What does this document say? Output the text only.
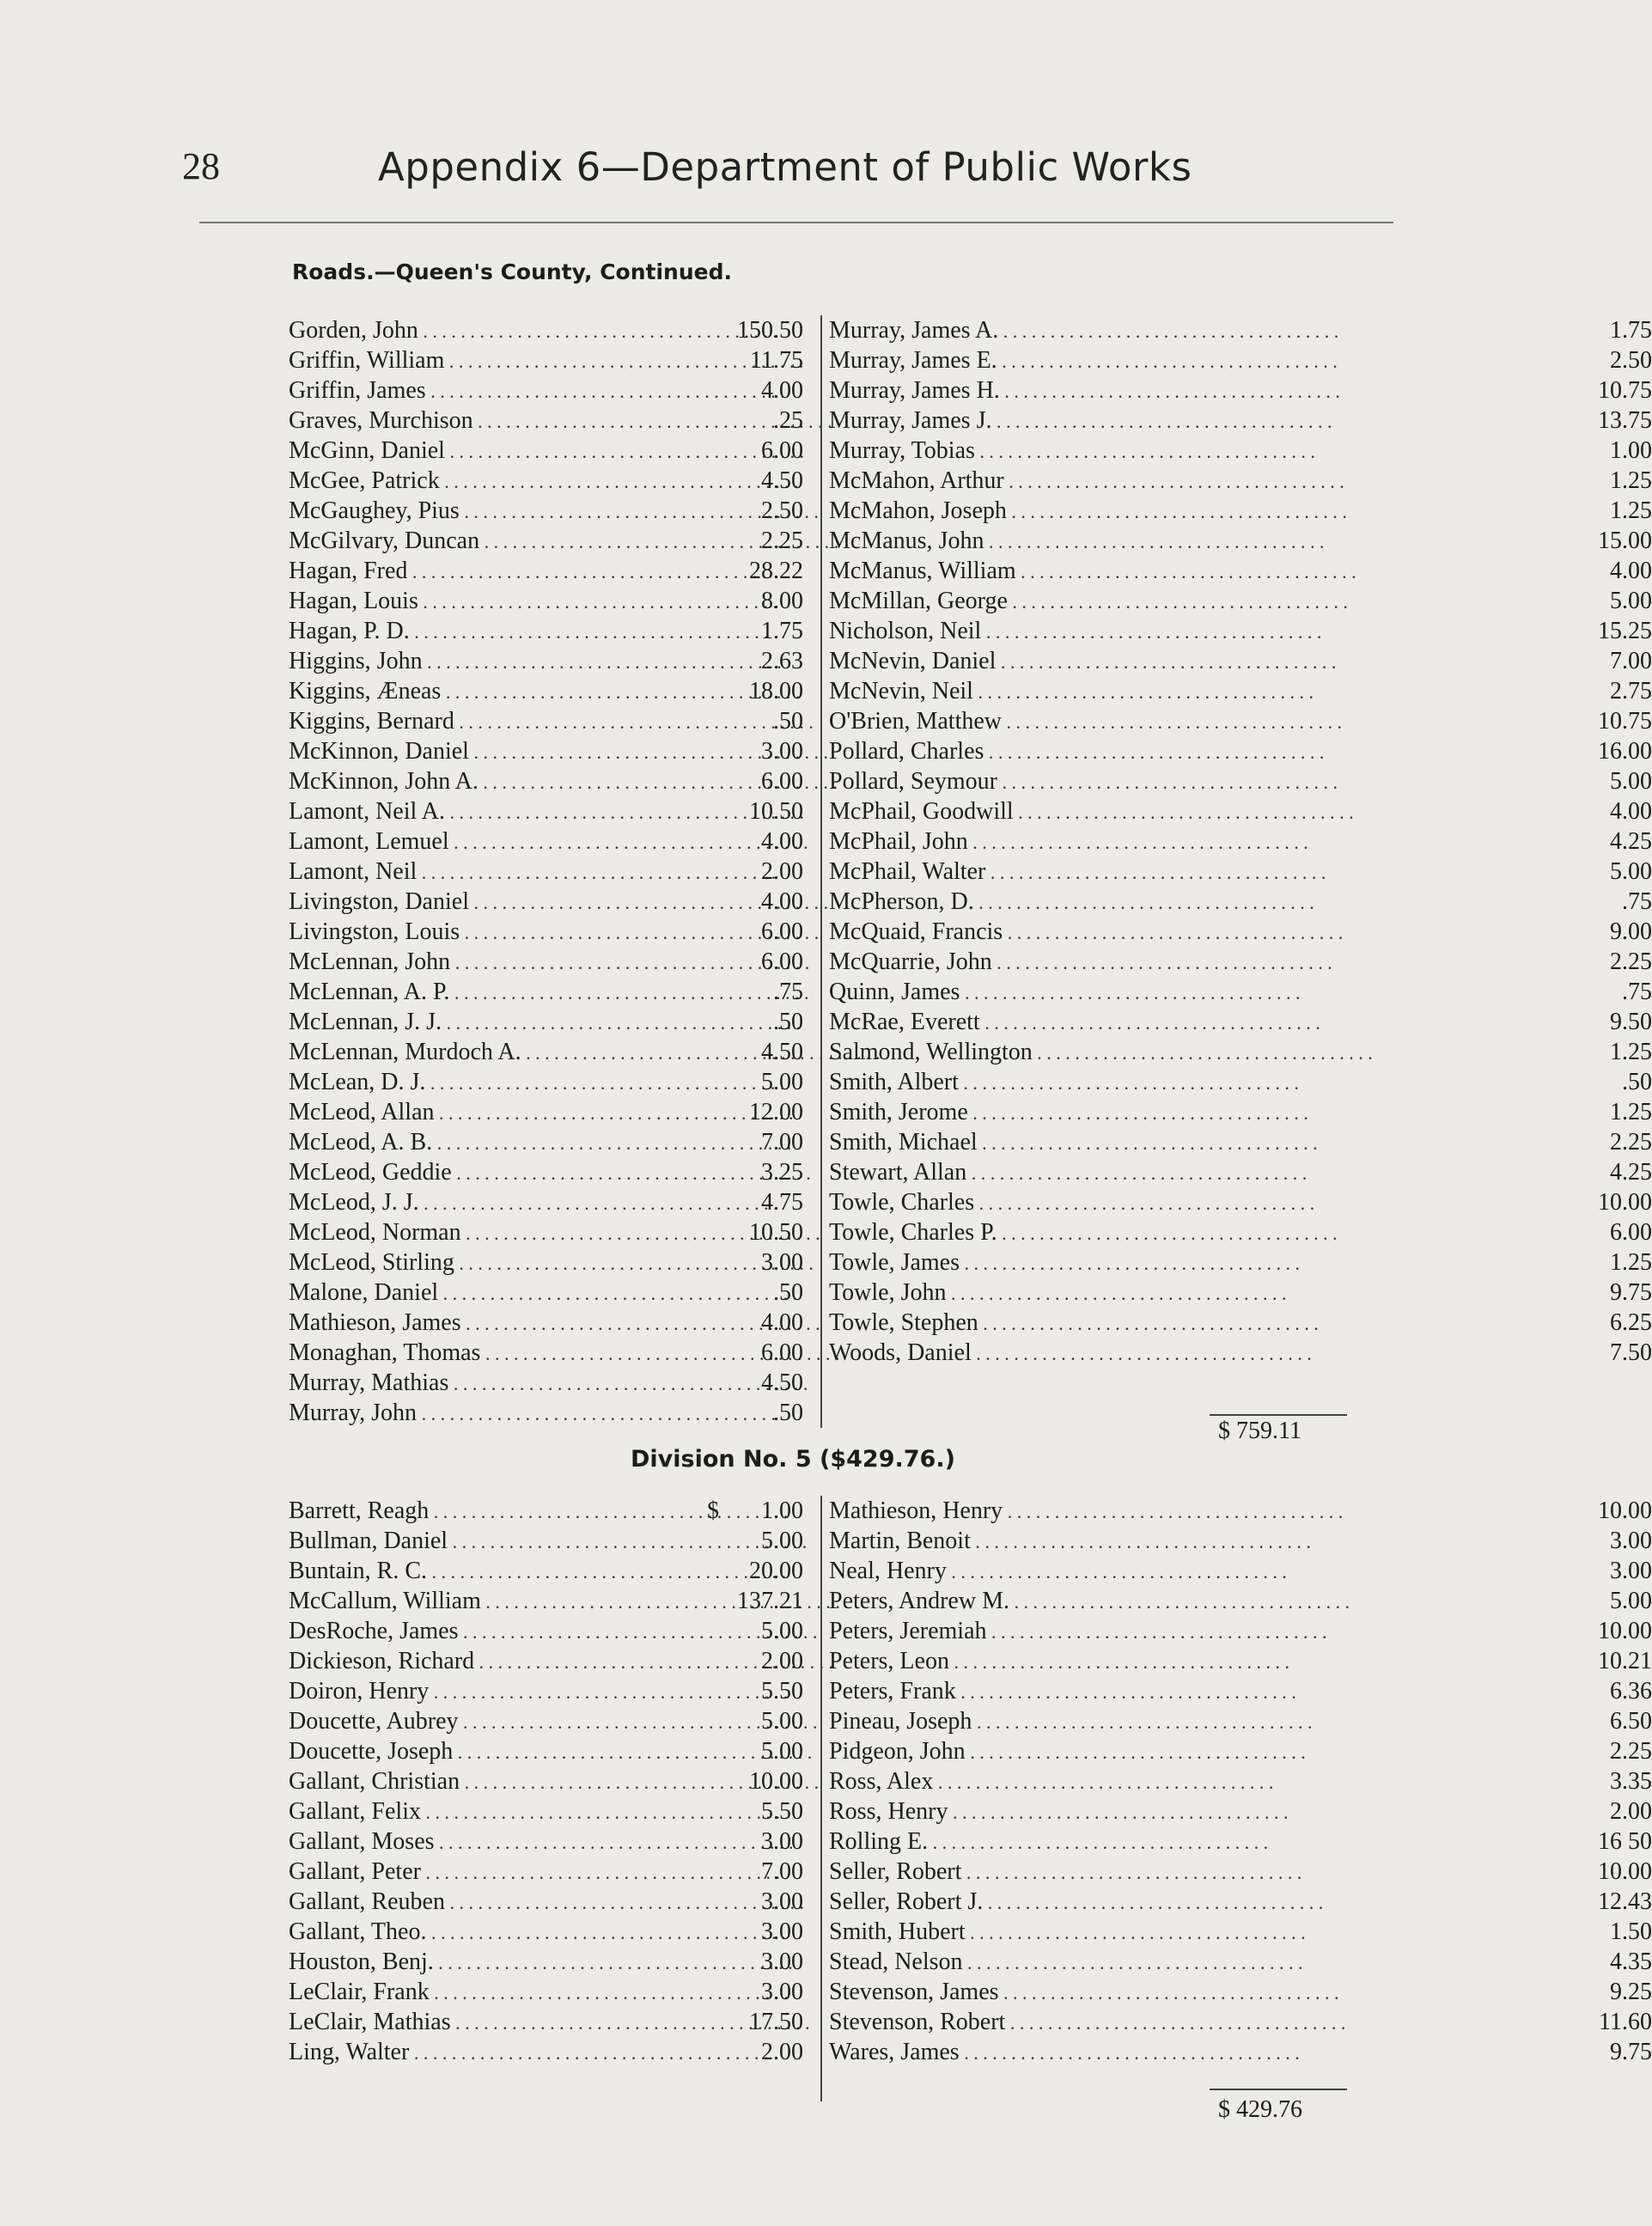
28	Appendix 6—Department of Public Works
Roads.—Queen's County, Continued.
Gorden, John . . .	150.50
Griffin, William . . .	11.75
Griffin, James . . .	4.00
Graves, Murchison . . .	.25
McGinn, Daniel . . .	6.00
McGee, Patrick . . .	4.50
McGaughey, Pius . . .	2.50
McGilvary, Duncan . . .	2.25
Hagan, Fred . . .	28.22
Hagan, Louis . . .	8.00
Hagan, P. D. . . .	1.75
Higgins, John . . .	2.63
Kiggins, Æneas . . .	18.00
Kiggins, Bernard . . .	.50
McKinnon, Daniel . . .	3.00
McKinnon, John A. . . .	6.00
Lamont, Neil A. . . .	10.50
Lamont, Lemuel . . .	4.00
Lamont, Neil . . .	2.00
Livingston, Daniel . . .	4.00
Livingston, Louis . . .	6.00
McLennan, John . . .	6.00
McLennan, A. P. . . .	.75
McLennan, J. J. . . .	.50
McLennan, Murdoch A. . . .	4.50
McLean, D. J. . . .	5.00
McLeod, Allan . . .	12.00
McLeod, A. B. . . .	7.00
McLeod, Geddie . . .	3.25
McLeod, J. J. . . .	4.75
McLeod, Norman . . .	10.50
McLeod, Stirling . . .	3.00
Malone, Daniel . . .	.50
Mathieson, James . . .	4.00
Monaghan, Thomas . . .	6.00
Murray, Mathias . . .	4.50
Murray, John . . .	.50
Murray, James A. . . .	1.75
Murray, James E. . . .	2.50
Murray, James H. . . .	10.75
Murray, James J. . . .	13.75
Murray, Tobias . . .	1.00
McMahon, Arthur . . .	1.25
McMahon, Joseph . . .	1.25
McManus, John . . .	15.00
McManus, William . . .	4.00
McMillan, George . . .	5.00
Nicholson, Neil . . .	15.25
McNevin, Daniel . . .	7.00
McNevin, Neil . . .	2.75
O'Brien, Matthew . . .	10.75
Pollard, Charles . . .	16.00
Pollard, Seymour . . .	5.00
McPhail, Goodwill . . .	4.00
McPhail, John . . .	4.25
McPhail, Walter . . .	5.00
McPherson, D. . . .	.75
McQuaid, Francis . . .	9.00
McQuarrie, John . . .	2.25
Quinn, James . . .	.75
McRae, Everett . . .	9.50
Salmond, Wellington . . .	1.25
Smith, Albert . . .	.50
Smith, Jerome . . .	1.25
Smith, Michael . . .	2.25
Stewart, Allan . . .	4.25
Towle, Charles . . .	10.00
Towle, Charles P. . . .	6.00
Towle, James . . .	1.25
Towle, John . . .	9.75
Towle, Stephen . . .	6.25
Woods, Daniel . . .	7.50
$ 759.11
Division No. 5 ($429.76.)
Barrett, Reagh . . .	$       1.00
Bullman, Daniel . . .	5.00
Buntain, R. C. . . .	20.00
McCallum, William . . .	137.21
DesRoche, James . . .	5.00
Dickieson, Richard . . .	2.00
Doiron, Henry . . .	5.50
Doucette, Aubrey . . .	5.00
Doucette, Joseph . . .	5.00
Gallant, Christian . . .	10.00
Gallant, Felix . . .	5.50
Gallant, Moses . . .	3.00
Gallant, Peter . . .	7.00
Gallant, Reuben . . .	3.00
Gallant, Theo. . . .	3.00
Houston, Benj. . . .	3.00
LeClair, Frank . . .	3.00
LeClair, Mathias . . .	17.50
Ling, Walter . . .	2.00
Mathieson, Henry . . .	10.00
Martin, Benoit . . .	3.00
Neal, Henry . . .	3.00
Peters, Andrew M. . . .	5.00
Peters, Jeremiah . . .	10.00
Peters, Leon . . .	10.21
Peters, Frank . . .	6.36
Pineau, Joseph . . .	6.50
Pidgeon, John . . .	2.25
Ross, Alex . . .	3.35
Ross, Henry . . .	2.00
Rolling E. . . .	16 50
Seller, Robert . . .	10.00
Seller, Robert J. . . .	12.43
Smith, Hubert . . .	1.50
Stead, Nelson . . .	4.35
Stevenson, James . . .	9.25
Stevenson, Robert . . .	11.60
Wares, James . . .	9.75
$ 429.76
